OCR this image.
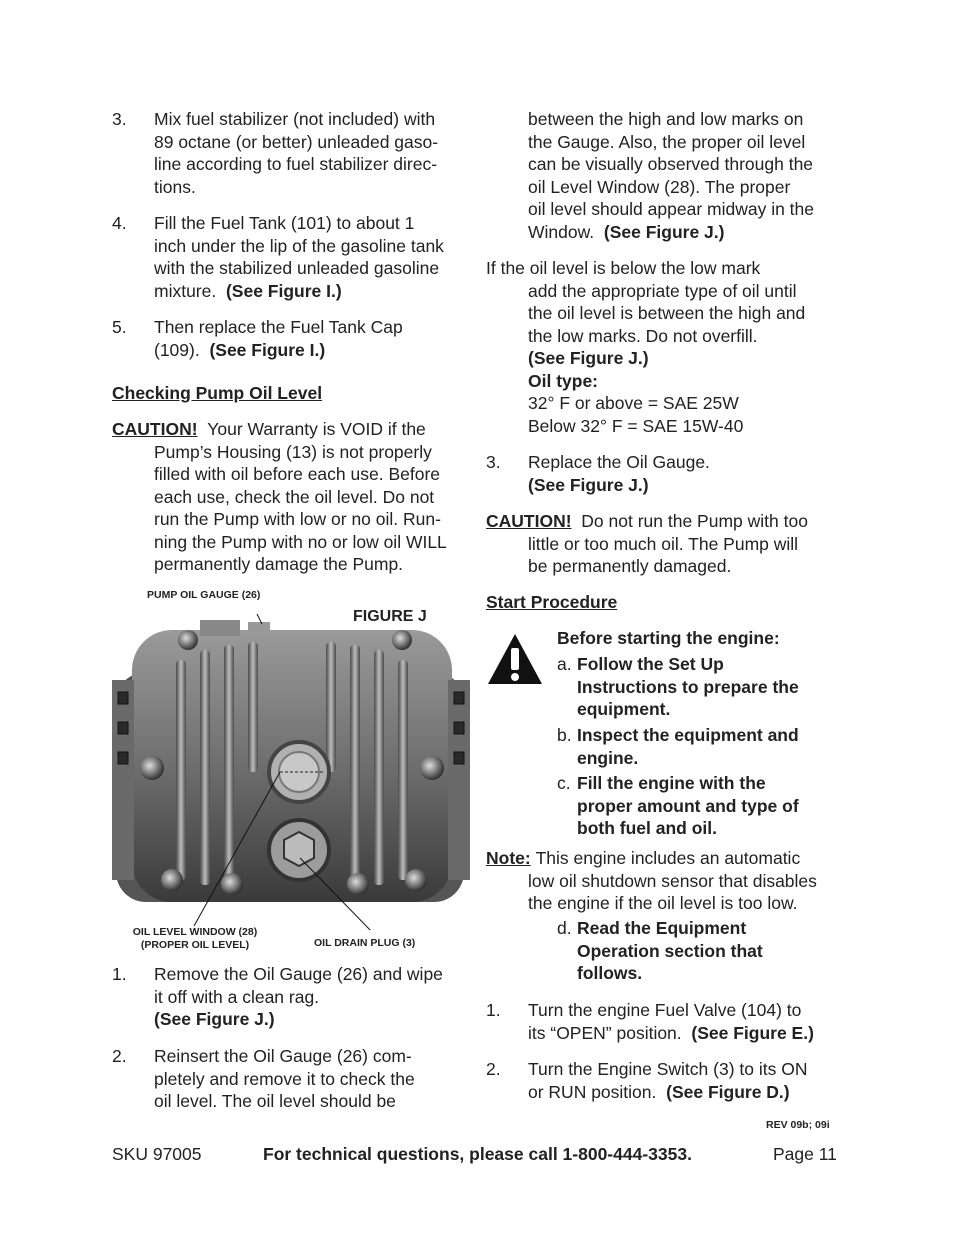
3. Mix fuel stabilizer (not included) with
89 octane (or better) unleaded gaso-
line according to fuel stabilizer direc-
tions.
4. Fill the Fuel Tank (101) to about 1
inch under the lip of the gasoline tank
with the stabilized unleaded gasoline
mixture. (See Figure I.)
5. Then replace the Fuel Tank Cap
(109). (See Figure I.)
Checking Pump Oil Level
CAUTION! Your Warranty is VOID if the
Pump’s Housing (13) is not properly
filled with oil before each use. Before
each use, check the oil level. Do not
run the Pump with low or no oil. Run-
ning the Pump with no or low oil WILL
permanently damage the Pump.
PUMP OIL GAUGE (26)
FIGURE J
OIL LEVEL WINDOW (28)
(PROPER OIL LEVEL)	OIL DRAIN PLUG (3)
1. Remove the Oil Gauge (26) and wipe
it off with a clean rag.
(See Figure J.)
2. Reinsert the Oil Gauge (26) com-
pletely and remove it to check the
oil level. The oil level should be
between the high and low marks on
the Gauge. Also, the proper oil level
can be visually observed through the
oil Level Window (28). The proper
oil level should appear midway in the
Window. (See Figure J.)
If the oil level is below the low mark
add the appropriate type of oil until
the oil level is between the high and
the low marks. Do not overfill.
(See Figure J.)
Oil type:
32° F or above = SAE 25W
Below 32° F = SAE 15W-40
3. Replace the Oil Gauge.
(See Figure J.)
CAUTION! Do not run the Pump with too
little or too much oil. The Pump will
be permanently damaged.
Start Procedure
Before starting the engine:
a. Follow the Set Up
Instructions to prepare the
equipment.
b. Inspect the equipment and
engine.
c. Fill the engine with the
proper amount and type of
both fuel and oil.
Note: This engine includes an automatic
low oil shutdown sensor that disables
the engine if the oil level is too low.
d. Read the Equipment
Operation section that
follows.
1. Turn the engine Fuel Valve (104) to
its “OPEN” position. (See Figure E.)
2. Turn the Engine Switch (3) to its ON
or RUN position. (See Figure D.)
REV 09b; 09i
SKU 97005	For technical questions, please call 1-800-444-3353.	Page 11
